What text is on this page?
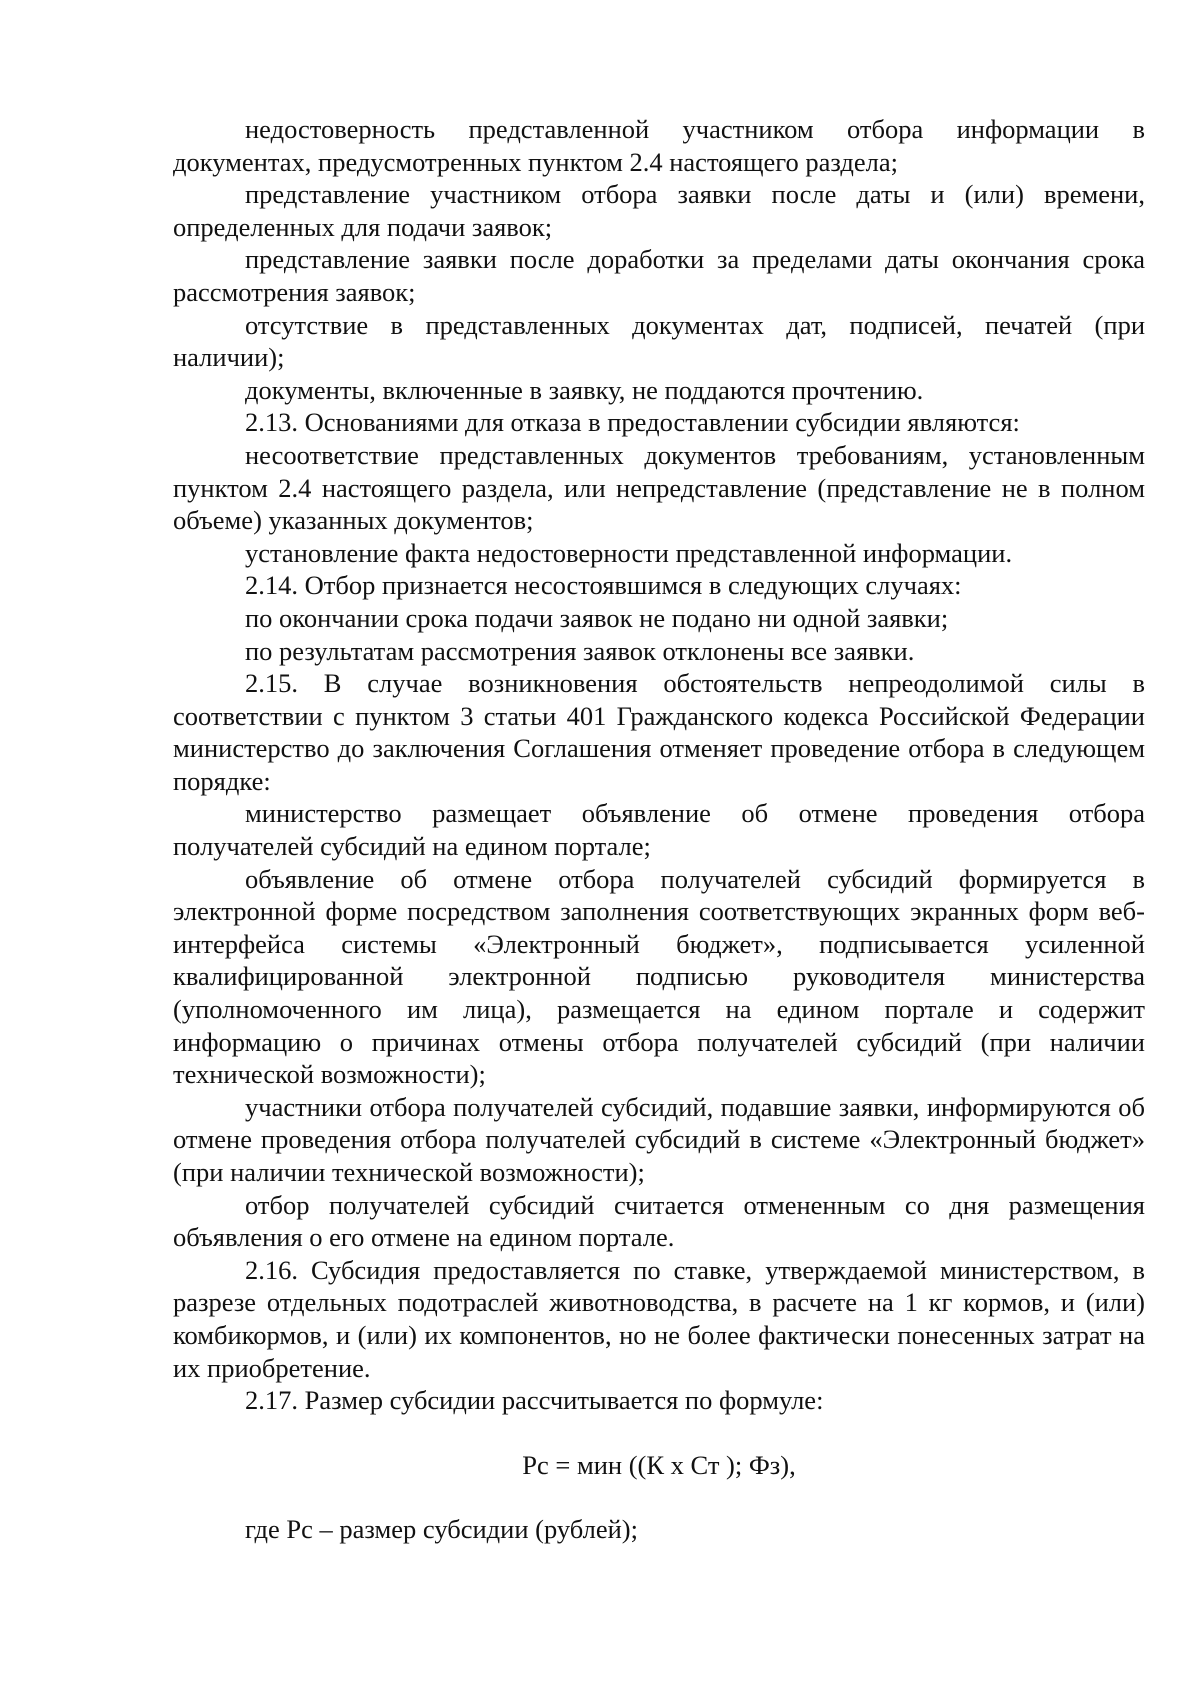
недостоверность представленной участником отбора информации в документах, предусмотренных пунктом 2.4 настоящего раздела;

представление участником отбора заявки после даты и (или) времени, определенных для подачи заявок;

представление заявки после доработки за пределами даты окончания срока рассмотрения заявок;

отсутствие в представленных документах дат, подписей, печатей (при наличии);

документы, включенные в заявку, не поддаются прочтению.

2.13. Основаниями для отказа в предоставлении субсидии являются:

несоответствие представленных документов требованиям, установленным пунктом 2.4 настоящего раздела, или непредставление (представление не в полном объеме) указанных документов;

установление факта недостоверности представленной информации.

2.14. Отбор признается несостоявшимся в следующих случаях:

по окончании срока подачи заявок не подано ни одной заявки;

по результатам рассмотрения заявок отклонены все заявки.

2.15. В случае возникновения обстоятельств непреодолимой силы в соответствии с пунктом 3 статьи 401 Гражданского кодекса Российской Федерации министерство до заключения Соглашения отменяет проведение отбора в следующем порядке:

министерство размещает объявление об отмене проведения отбора получателей субсидий на едином портале;

объявление об отмене отбора получателей субсидий формируется в электронной форме посредством заполнения соответствующих экранных форм веб-интерфейса системы «Электронный бюджет», подписывается усиленной квалифицированной электронной подписью руководителя министерства (уполномоченного им лица), размещается на едином портале и содержит информацию о причинах отмены отбора получателей субсидий (при наличии технической возможности);

участники отбора получателей субсидий, подавшие заявки, информируются об отмене проведения отбора получателей субсидий в системе «Электронный бюджет» (при наличии технической возможности);

отбор получателей субсидий считается отмененным со дня размещения объявления о его отмене на едином портале.

2.16. Субсидия предоставляется по ставке, утверждаемой министерством, в разрезе отдельных подотраслей животноводства, в расчете на 1 кг кормов, и (или) комбикормов, и (или) их компонентов, но не более фактически понесенных затрат на их приобретение.

2.17. Размер субсидии рассчитывается по формуле:

Рс = мин ((К х Ст ); Фз),

где Рс – размер субсидии (рублей);
